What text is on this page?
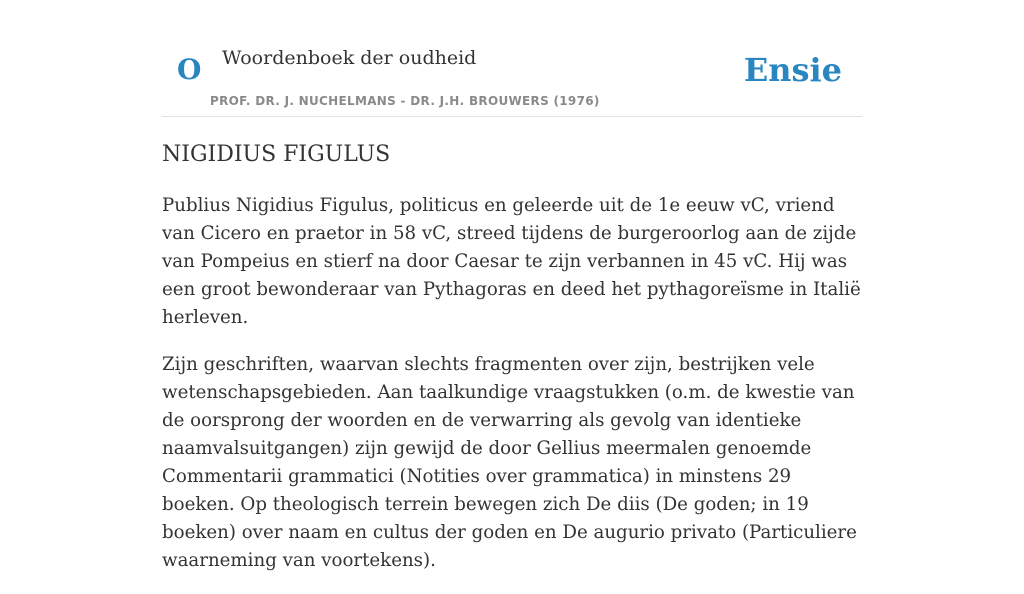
O Woordenboek der oudheid	Ensie
PROF. DR. J. NUCHELMANS - DR. J.H. BROUWERS (1976)
NIGIDIUS FIGULUS

Publius Nigidius Figulus, politicus en geleerde uit de 1e eeuw vC, vriend van Cicero en praetor in 58 vC, streed tijdens de burgeroorlog aan de zijde van Pompeius en stierf na door Caesar te zijn verbannen in 45 vC. Hij was een groot bewonderaar van Pythagoras en deed het pythagoreïsme in Italië herleven.

Zijn geschriften, waarvan slechts fragmenten over zijn, bestrijken vele wetenschapsgebieden. Aan taalkundige vraagstukken (o.m. de kwestie van de oorsprong der woorden en de verwarring als gevolg van identieke naamvalsuitgangen) zijn gewijd de door Gellius meermalen genoemde Commentarii grammatici (Notities over grammatica) in minstens 29 boeken. Op theologisch terrein bewegen zich De diis (De goden; in 19 boeken) over naam en cultus der goden en De augurio privato (Particuliere waarneming van voortekens).
